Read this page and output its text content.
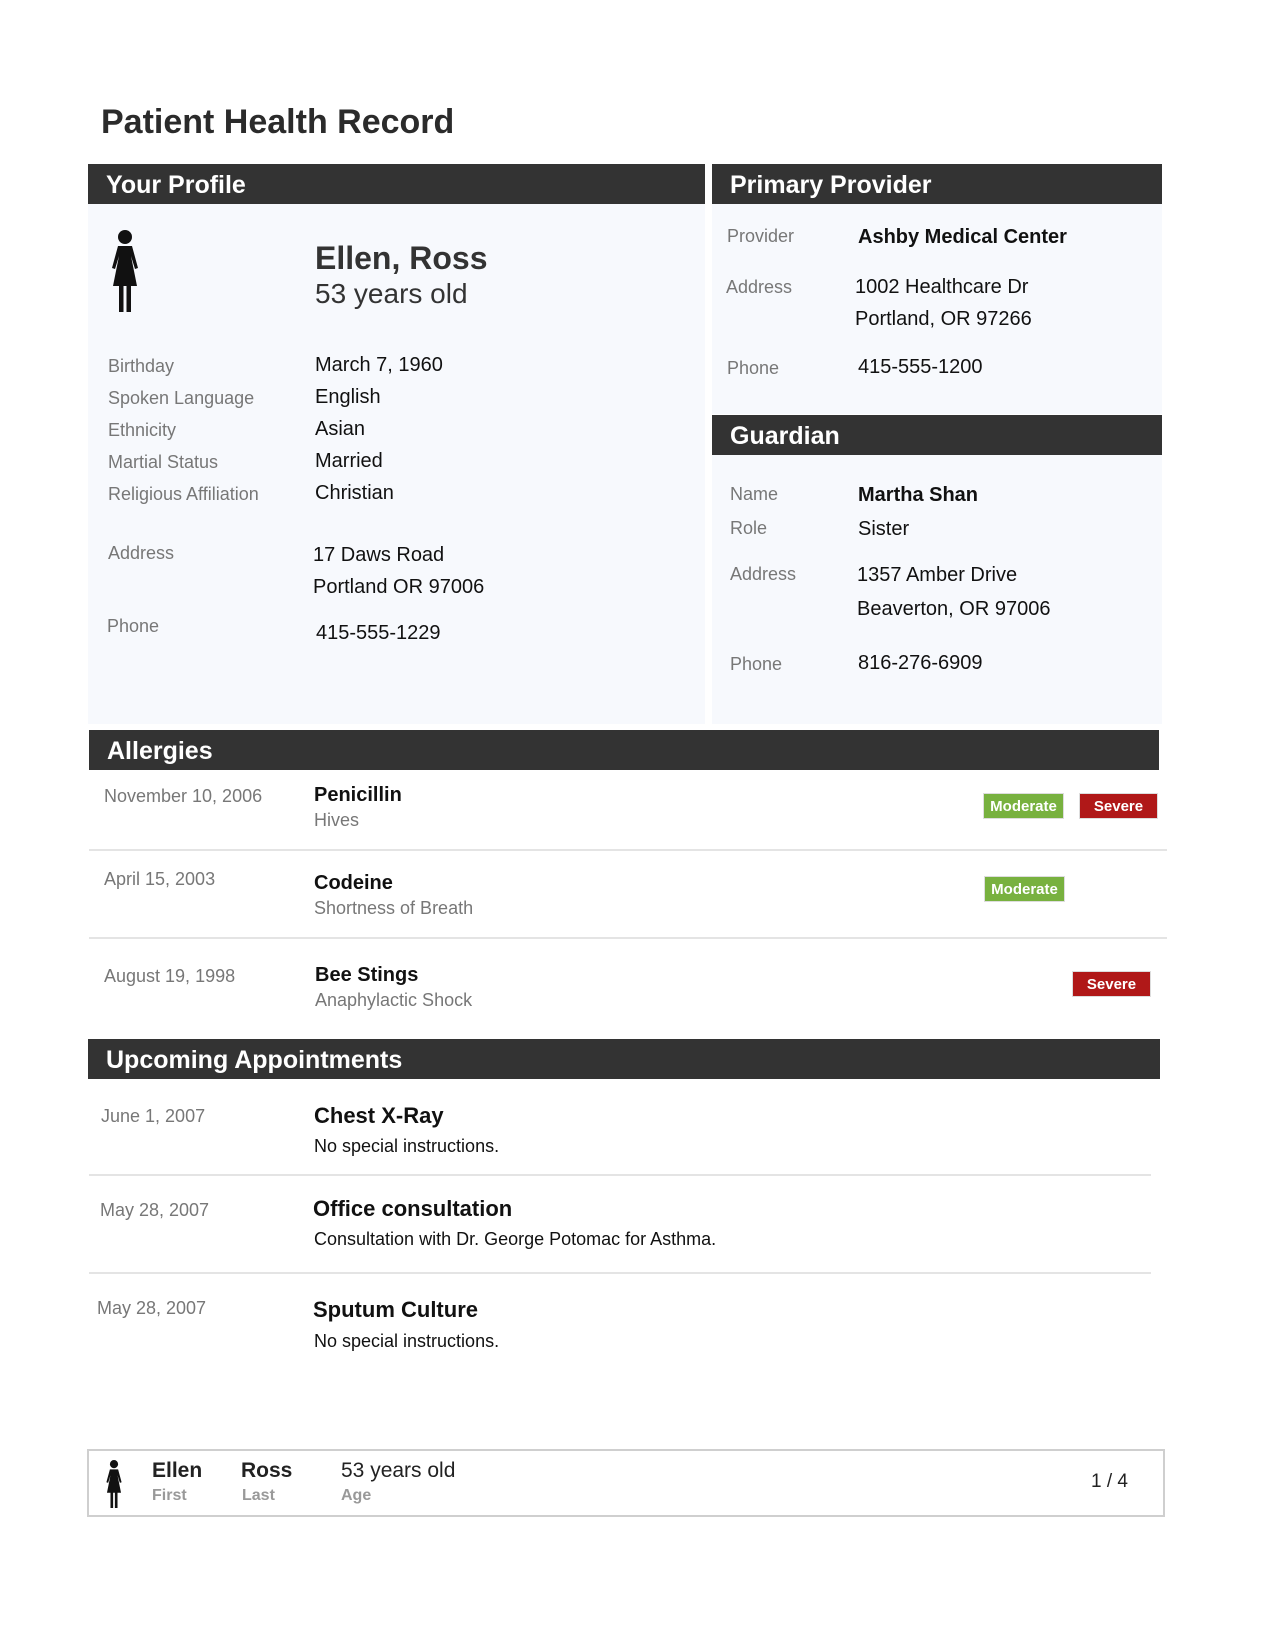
Patient Health Record
Your Profile
Ellen, Ross
53 years old
Birthday	March 7, 1960
Spoken Language	English
Ethnicity	Asian
Martial Status	Married
Religious Affiliation	Christian
Address	17 Daws Road
Portland OR 97006
Phone	415-555-1229
Primary Provider
Provider	Ashby Medical Center
Address	1002 Healthcare Dr
Portland, OR 97266
Phone	415-555-1200
Guardian
Name	Martha Shan
Role	Sister
Address	1357 Amber Drive
Beaverton, OR 97006
Phone	816-276-6909
Allergies
November 10, 2006	Penicillin
Hives
Moderate	Severe
April 15, 2003	Codeine
Shortness of Breath
Moderate
August 19, 1998	Bee Stings
Anaphylactic Shock
Severe
Upcoming Appointments
June 1, 2007	Chest X-Ray
No special instructions.
May 28, 2007	Office consultation
Consultation with Dr. George Potomac for Asthma.
May 28, 2007	Sputum Culture
No special instructions.
Ellen
First
Ross
Last
53 years old
Age
1 / 4
